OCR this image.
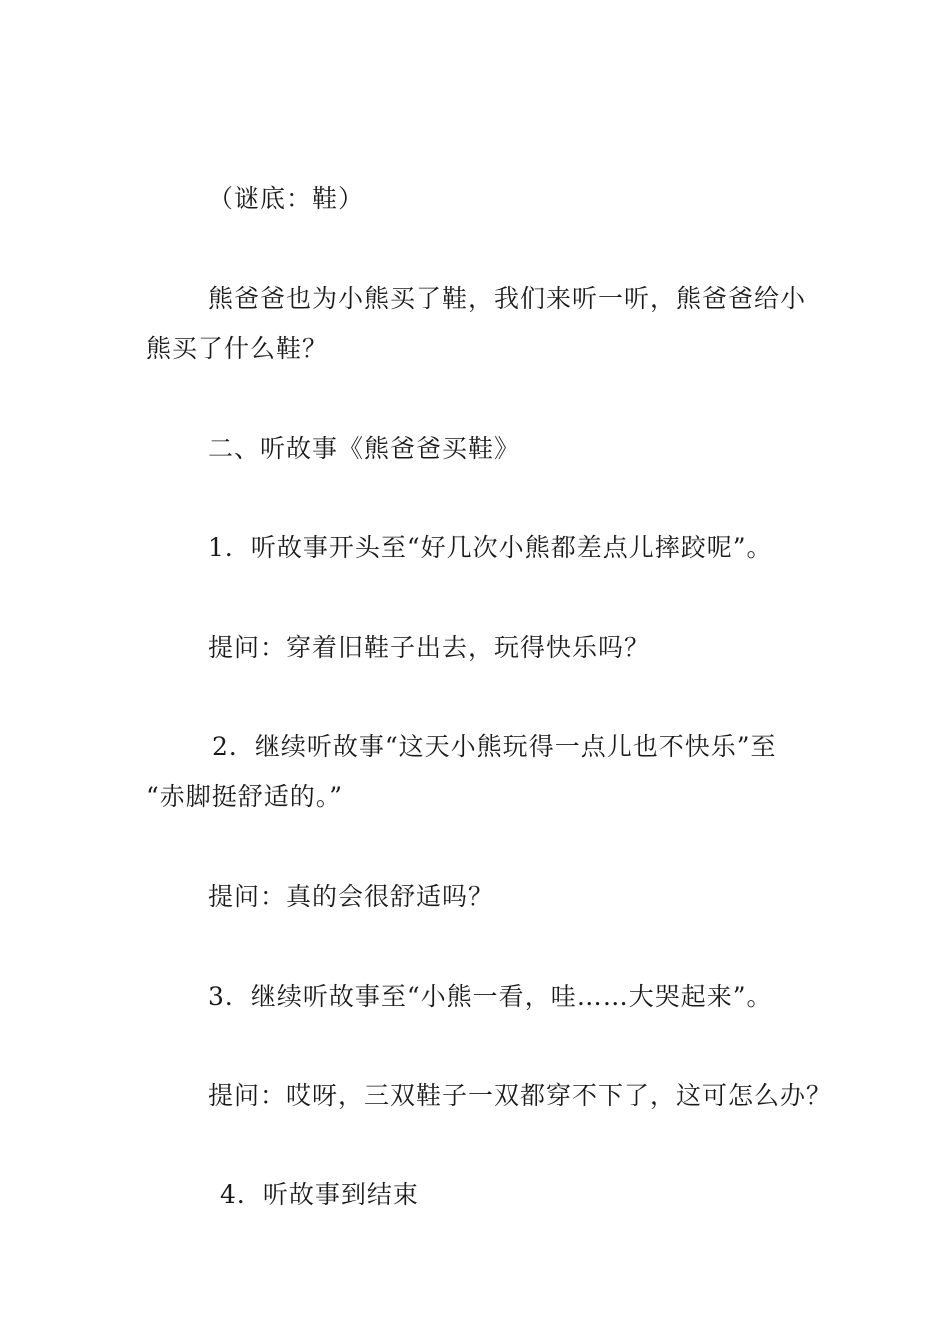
（谜底：鞋）

熊爸爸也为小熊买了鞋，我们来听一听，熊爸爸给小
熊买了什么鞋？

二、听故事《熊爸爸买鞋》

1．听故事开头至“好几次小熊都差点儿摔跤呢”。

提问：穿着旧鞋子出去，玩得快乐吗？

2．继续听故事“这天小熊玩得一点儿也不快乐”至
“赤脚挺舒适的。”

提问：真的会很舒适吗？

3．继续听故事至“小熊一看，哇……大哭起来”。

提问：哎呀，三双鞋子一双都穿不下了，这可怎么办？

4．听故事到结束
